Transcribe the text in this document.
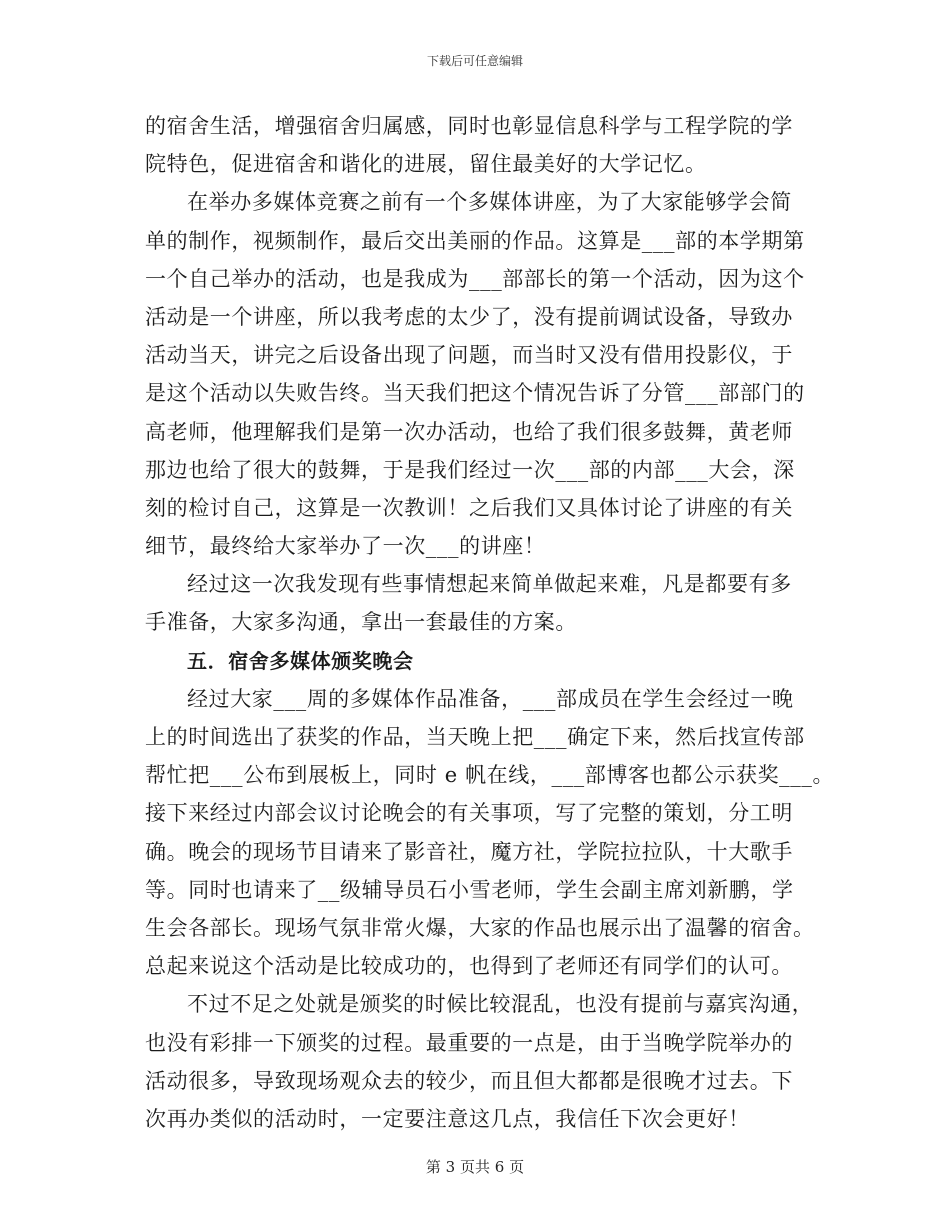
下载后可任意编辑
的宿舍生活，增强宿舍归属感，同时也彰显信息科学与工程学院的学
院特色，促进宿舍和谐化的进展，留住最美好的大学记忆。
在举办多媒体竞赛之前有一个多媒体讲座，为了大家能够学会简
单的制作，视频制作，最后交出美丽的作品。这算是___部的本学期第
一个自己举办的活动，也是我成为___部部长的第一个活动，因为这个
活动是一个讲座，所以我考虑的太少了，没有提前调试设备，导致办
活动当天，讲完之后设备出现了问题，而当时又没有借用投影仪，于
是这个活动以失败告终。当天我们把这个情况告诉了分管___部部门的
高老师，他理解我们是第一次办活动，也给了我们很多鼓舞，黄老师
那边也给了很大的鼓舞，于是我们经过一次___部的内部___大会，深
刻的检讨自己，这算是一次教训！之后我们又具体讨论了讲座的有关
细节，最终给大家举办了一次___的讲座！
经过这一次我发现有些事情想起来简单做起来难，凡是都要有多
手准备，大家多沟通，拿出一套最佳的方案。
五．宿舍多媒体颁奖晚会
经过大家___周的多媒体作品准备，___部成员在学生会经过一晚
上的时间选出了获奖的作品，当天晚上把___确定下来，然后找宣传部
帮忙把___公布到展板上，同时 e 帆在线，___部博客也都公示获奖___。
接下来经过内部会议讨论晚会的有关事项，写了完整的策划，分工明
确。晚会的现场节目请来了影音社，魔方社，学院拉拉队，十大歌手
等。同时也请来了__级辅导员石小雪老师，学生会副主席刘新鹏，学
生会各部长。现场气氛非常火爆，大家的作品也展示出了温馨的宿舍。
总起来说这个活动是比较成功的，也得到了老师还有同学们的认可。
不过不足之处就是颁奖的时候比较混乱，也没有提前与嘉宾沟通，
也没有彩排一下颁奖的过程。最重要的一点是，由于当晚学院举办的
活动很多，导致现场观众去的较少，而且但大都都是很晚才过去。下
次再办类似的活动时，一定要注意这几点，我信任下次会更好！
第 3 页共 6 页
